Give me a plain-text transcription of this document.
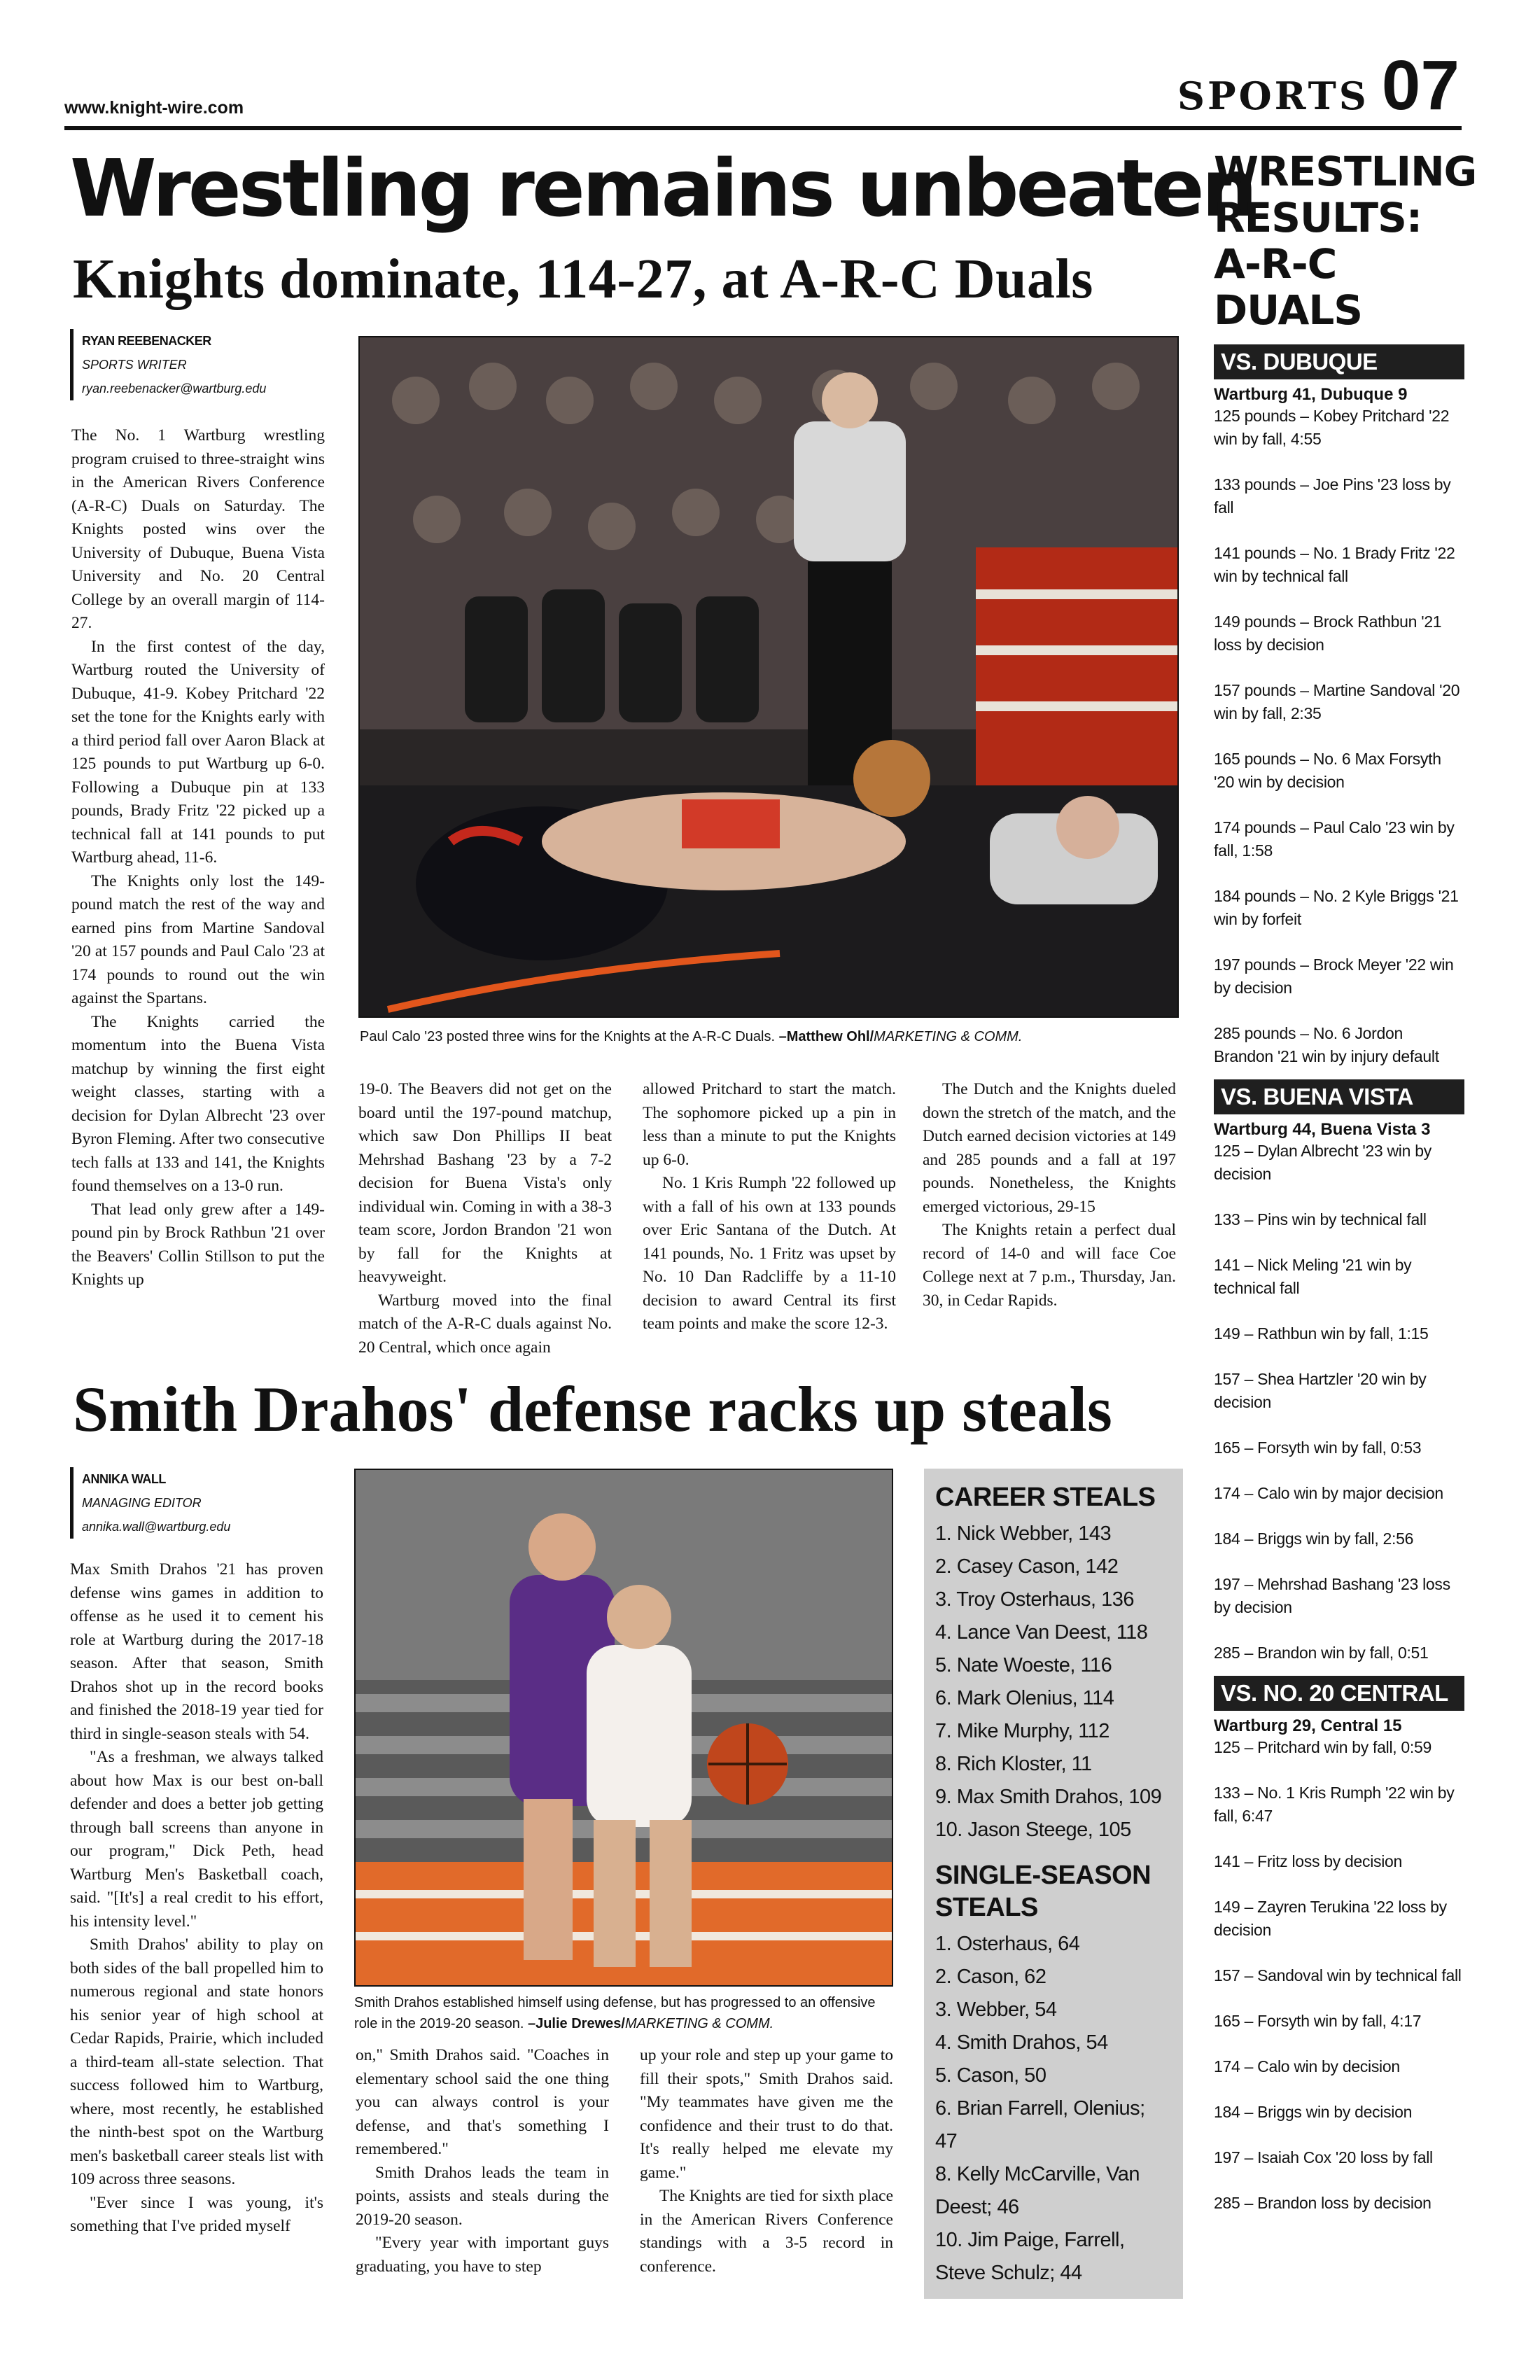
www.knight-wire.com	SPORTS 07
Wrestling remains unbeaten
Knights dominate, 114-27, at A-R-C Duals
RYAN REEBENACKER
SPORTS WRITER
ryan.reebenacker@wartburg.edu
Paul Calo '23 posted three wins for the Knights at the A-R-C Duals. –Matthew Ohl/MARKETING & COMM.

The No. 1 Wartburg wrestling program cruised to three-straight wins in the American Rivers Conference (A-R-C) Duals on Saturday. The Knights posted wins over the University of Dubuque, Buena Vista University and No. 20 Central College by an overall margin of 114-27.

In the first contest of the day, Wartburg routed the University of Dubuque, 41-9. Kobey Pritchard '22 set the tone for the Knights early with a third period fall over Aaron Black at 125 pounds to put Wartburg up 6-0. Following a Dubuque pin at 133 pounds, Brady Fritz '22 picked up a technical fall at 141 pounds to put Wartburg ahead, 11-6.

The Knights only lost the 149-pound match the rest of the way and earned pins from Martine Sandoval '20 at 157 pounds and Paul Calo '23 at 174 pounds to round out the win against the Spartans.

The Knights carried the momentum into the Buena Vista matchup by winning the first eight weight classes, starting with a decision for Dylan Albrecht '23 over Byron Fleming. After two consecutive tech falls at 133 and 141, the Knights found themselves on a 13-0 run.

That lead only grew after a 149-pound pin by Brock Rathbun '21 over the Beavers' Collin Stillson to put the Knights up

19-0. The Beavers did not get on the board until the 197-pound matchup, which saw Don Phillips II beat Mehrshad Bashang '23 by a 7-2 decision for Buena Vista's only individual win. Coming in with a 38-3 team score, Jordon Brandon '21 won by fall for the Knights at heavyweight.

Wartburg moved into the final match of the A-R-C duals against No. 20 Central, which once again

allowed Pritchard to start the match. The sophomore picked up a pin in less than a minute to put the Knights up 6-0.

No. 1 Kris Rumph '22 followed up with a fall of his own at 133 pounds over Eric Santana of the Dutch. At 141 pounds, No. 1 Fritz was upset by No. 10 Dan Radcliffe by a 11-10 decision to award Central its first team points and make the score 12-3.

The Dutch and the Knights dueled down the stretch of the match, and the Dutch earned decision victories at 149 and 285 pounds and a fall at 197 pounds. Nonetheless, the Knights emerged victorious, 29-15

The Knights retain a perfect dual record of 14-0 and will face Coe College next at 7 p.m., Thursday, Jan. 30, in Cedar Rapids.

Smith Drahos' defense racks up steals
ANNIKA WALL
MANAGING EDITOR
annika.wall@wartburg.edu
Smith Drahos established himself using defense, but has progressed to an offensive role in the 2019-20 season. –Julie Drewes/MARKETING & COMM.

Max Smith Drahos '21 has proven defense wins games in addition to offense as he used it to cement his role at Wartburg during the 2017-18 season. After that season, Smith Drahos shot up in the record books and finished the 2018-19 year tied for third in single-season steals with 54.

"As a freshman, we always talked about how Max is our best on-ball defender and does a better job getting through ball screens than anyone in our program," Dick Peth, head Wartburg Men's Basketball coach, said. "[It's] a real credit to his effort, his intensity level."

Smith Drahos' ability to play on both sides of the ball propelled him to numerous regional and state honors his senior year of high school at Cedar Rapids, Prairie, which included a third-team all-state selection. That success followed him to Wartburg, where, most recently, he established the ninth-best spot on the Wartburg men's basketball career steals list with 109 across three seasons.

"Ever since I was young, it's something that I've prided myself

on," Smith Drahos said. "Coaches in elementary school said the one thing you can always control is your defense, and that's something I remembered."

Smith Drahos leads the team in points, assists and steals during the 2019-20 season.

"Every year with important guys graduating, you have to step

up your role and step up your game to fill their spots," Smith Drahos said. "My teammates have given me the confidence and their trust to do that. It's really helped me elevate my game."

The Knights are tied for sixth place in the American Rivers Conference standings with a 3-5 record in conference.

CAREER STEALS
1. Nick Webber, 143
2. Casey Cason, 142
3. Troy Osterhaus, 136
4. Lance Van Deest, 118
5. Nate Woeste, 116
6. Mark Olenius, 114
7. Mike Murphy, 112
8. Rich Kloster, 11
9. Max Smith Drahos, 109
10. Jason Steege, 105
SINGLE-SEASON STEALS
1. Osterhaus, 64
2. Cason, 62
3. Webber, 54
4. Smith Drahos, 54
5. Cason, 50
6. Brian Farrell, Olenius; 47
8. Kelly McCarville, Van Deest; 46
10. Jim Paige, Farrell, Steve Schulz; 44
WRESTLING RESULTS: A-R-C DUALS
VS. DUBUQUE
Wartburg 41, Dubuque 9
125 pounds – Kobey Pritchard '22 win by fall, 4:55
133 pounds – Joe Pins '23 loss by fall
141 pounds – No. 1 Brady Fritz '22 win by technical fall
149 pounds – Brock Rathbun '21 loss by decision
157 pounds – Martine Sandoval '20 win by fall, 2:35
165 pounds – No. 6 Max Forsyth '20 win by decision
174 pounds – Paul Calo '23 win by fall, 1:58
184 pounds – No. 2 Kyle Briggs '21 win by forfeit
197 pounds – Brock Meyer '22 win by decision
285 pounds – No. 6 Jordon Brandon '21 win by injury default
VS. BUENA VISTA
Wartburg 44, Buena Vista 3
125 – Dylan Albrecht '23 win by decision
133 – Pins win by technical fall
141 – Nick Meling '21 win by technical fall
149 – Rathbun win by fall, 1:15
157 – Shea Hartzler '20 win by decision
165 – Forsyth win by fall, 0:53
174 – Calo win by major decision
184 – Briggs win by fall, 2:56
197 – Mehrshad Bashang '23 loss by decision
285 – Brandon win by fall, 0:51
VS. NO. 20 CENTRAL
Wartburg 29, Central 15
125 – Pritchard win by fall, 0:59
133 – No. 1 Kris Rumph '22 win by fall, 6:47
141 – Fritz loss by decision
149 – Zayren Terukina '22 loss by decision
157 – Sandoval win by technical fall
165 – Forsyth win by fall, 4:17
174 – Calo win by decision
184 – Briggs win by decision
197 – Isaiah Cox '20 loss by fall
285 – Brandon loss by decision
